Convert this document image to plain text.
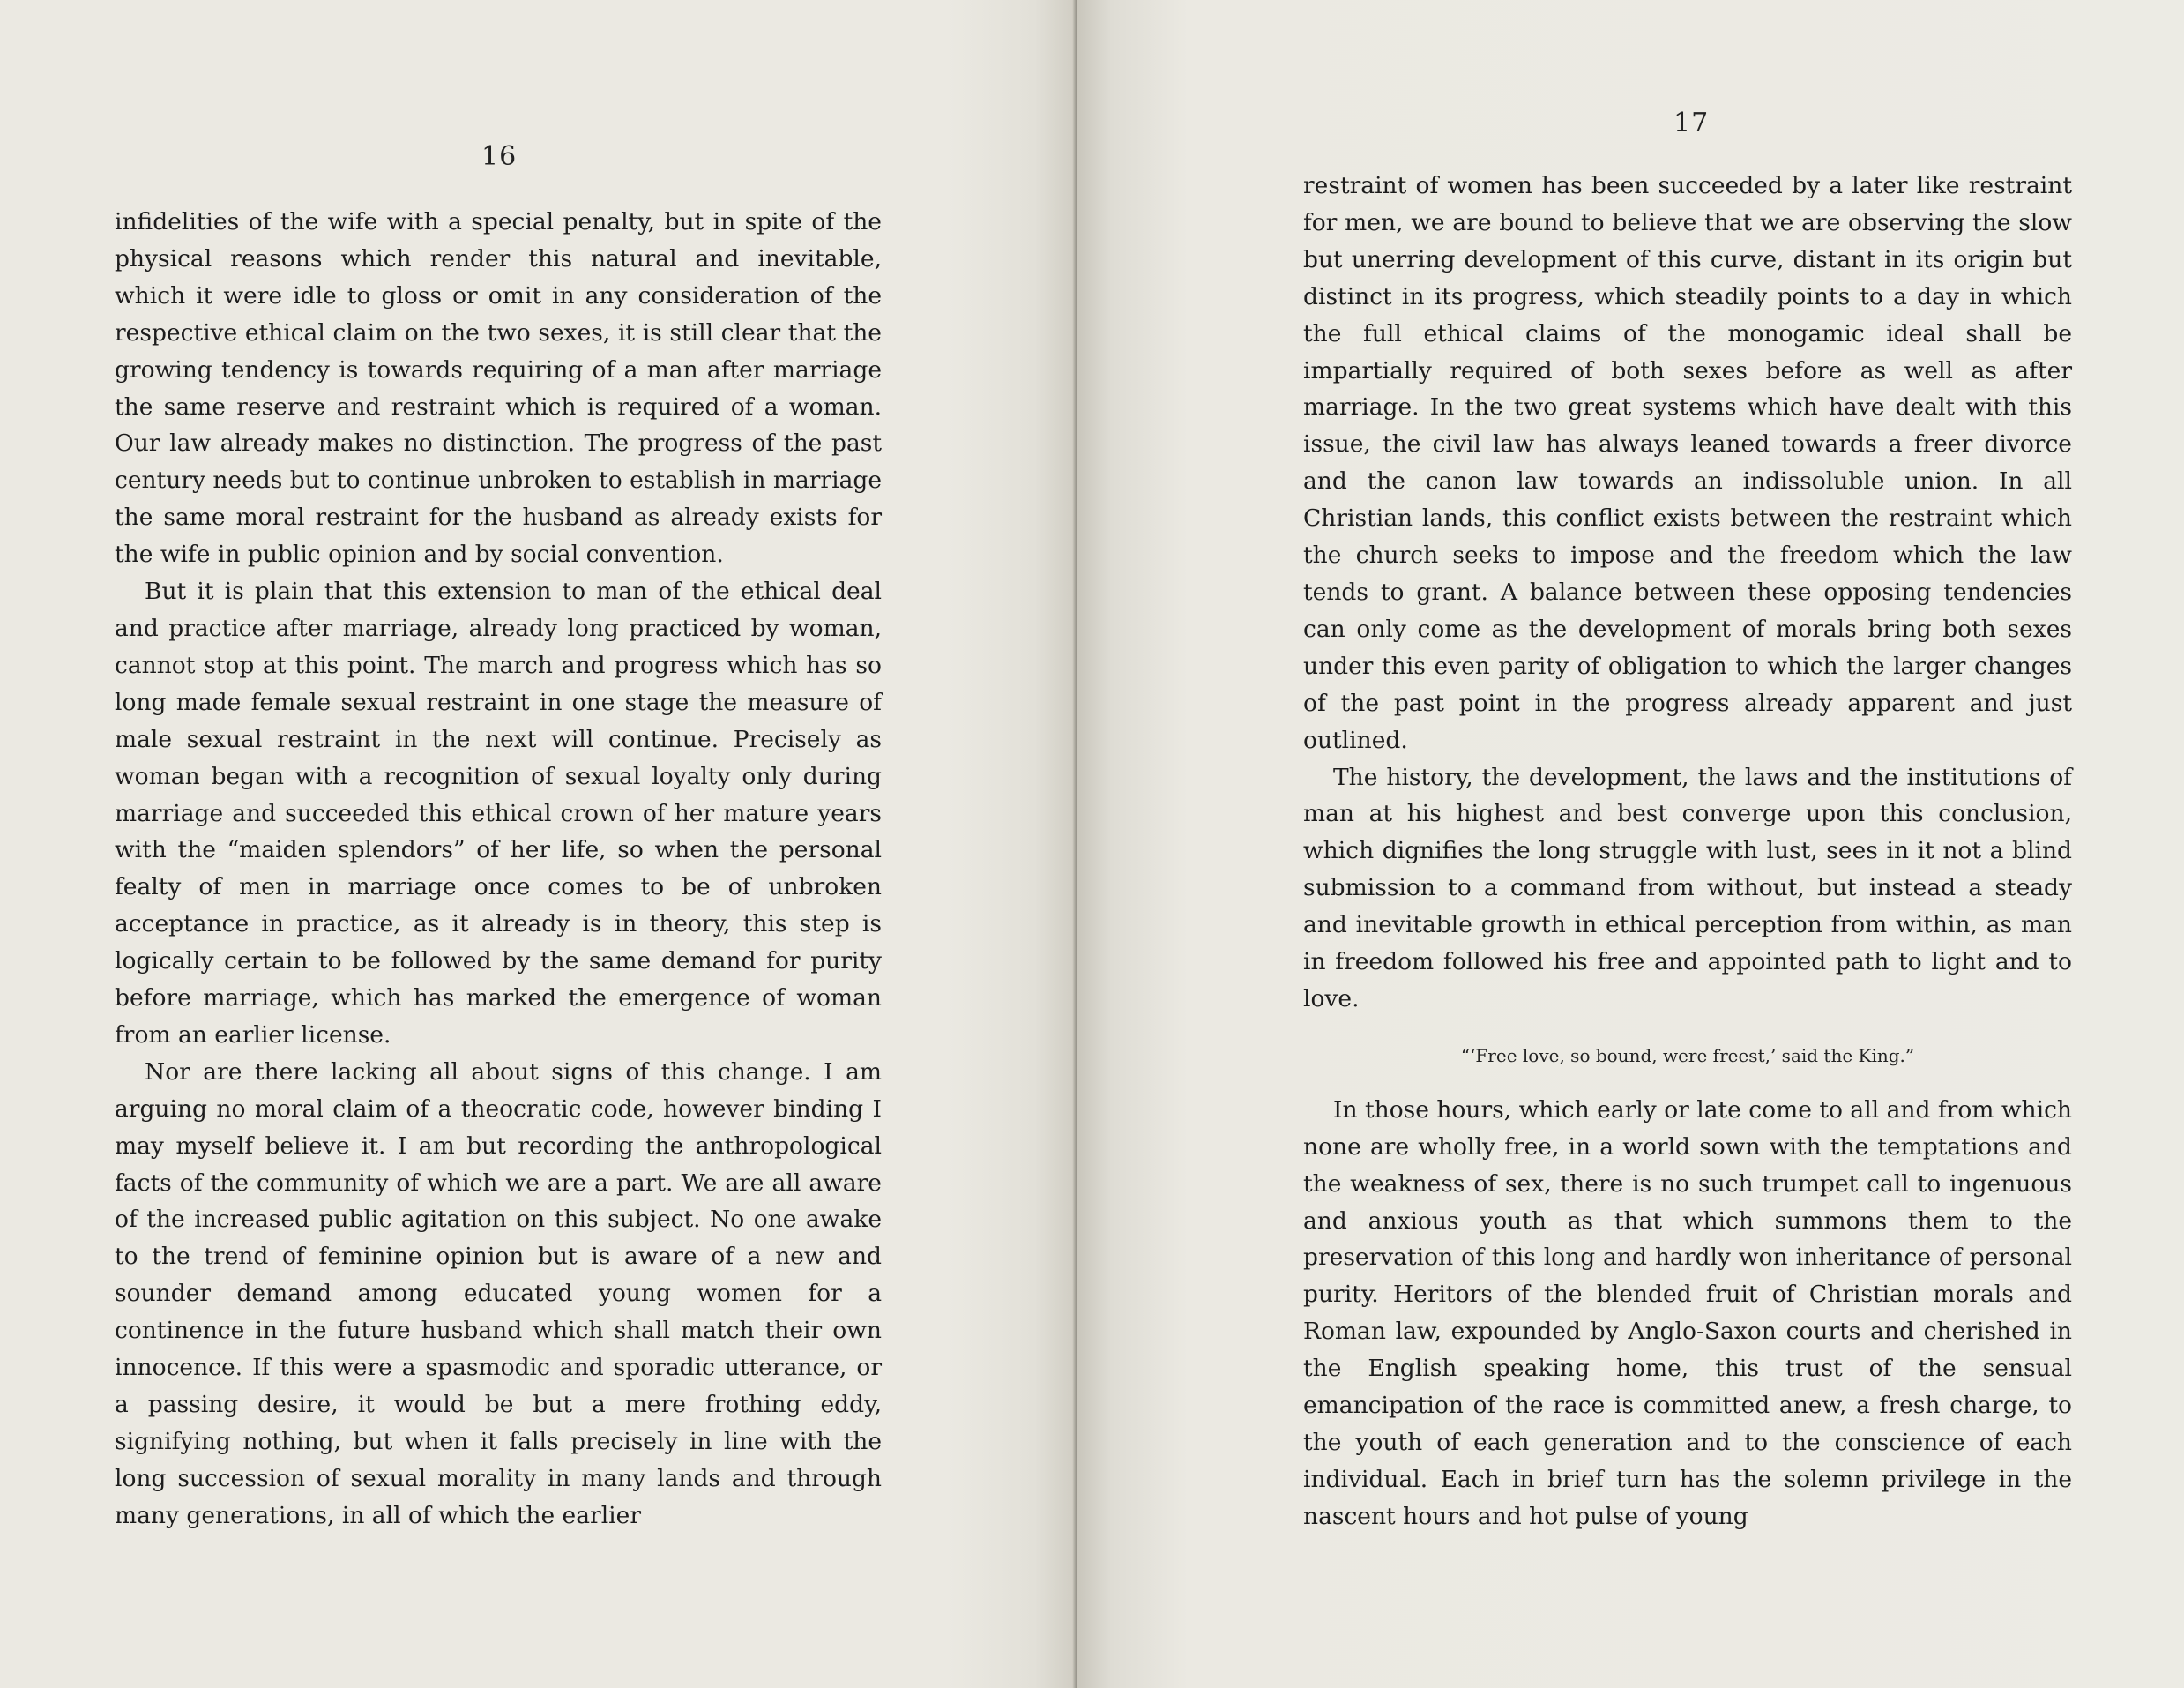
16

infidelities of the wife with a special penalty, but in spite of the physical reasons which render this natural and inevitable, which it were idle to gloss or omit in any consideration of the respective ethical claim on the two sexes, it is still clear that the growing tendency is towards requiring of a man after marriage the same reserve and restraint which is required of a woman. Our law already makes no distinction. The progress of the past century needs but to continue unbroken to establish in marriage the same moral restraint for the husband as already exists for the wife in public opinion and by social convention.

But it is plain that this extension to man of the ethical deal and practice after marriage, already long practiced by woman, cannot stop at this point. The march and progress which has so long made female sexual restraint in one stage the measure of male sexual restraint in the next will continue. Precisely as woman began with a recognition of sexual loyalty only during marriage and succeeded this ethical crown of her mature years with the “maiden splendors” of her life, so when the personal fealty of men in marriage once comes to be of unbroken acceptance in practice, as it already is in theory, this step is logically certain to be followed by the same demand for purity before marriage, which has marked the emergence of woman from an earlier license.

Nor are there lacking all about signs of this change. I am arguing no moral claim of a theocratic code, however binding I may myself believe it. I am but recording the anthropological facts of the community of which we are a part. We are all aware of the increased public agitation on this subject. No one awake to the trend of feminine opinion but is aware of a new and sounder demand among educated young women for a continence in the future husband which shall match their own innocence. If this were a spasmodic and sporadic utterance, or a passing desire, it would be but a mere frothing eddy, signifying nothing, but when it falls precisely in line with the long succession of sexual morality in many lands and through many generations, in all of which the earlier

17

restraint of women has been succeeded by a later like restraint for men, we are bound to believe that we are observing the slow but unerring development of this curve, distant in its origin but distinct in its progress, which steadily points to a day in which the full ethical claims of the monogamic ideal shall be impartially required of both sexes before as well as after marriage. In the two great systems which have dealt with this issue, the civil law has always leaned towards a freer divorce and the canon law towards an indissoluble union. In all Christian lands, this conflict exists between the restraint which the church seeks to impose and the freedom which the law tends to grant. A balance between these opposing tendencies can only come as the development of morals bring both sexes under this even parity of obligation to which the larger changes of the past point in the progress already apparent and just outlined.

The history, the development, the laws and the institutions of man at his highest and best converge upon this conclusion, which dignifies the long struggle with lust, sees in it not a blind submission to a command from without, but instead a steady and inevitable growth in ethical perception from within, as man in freedom followed his free and appointed path to light and to love.

“‘Free love, so bound, were freest,’ said the King.”

In those hours, which early or late come to all and from which none are wholly free, in a world sown with the temptations and the weakness of sex, there is no such trumpet call to ingenuous and anxious youth as that which summons them to the preservation of this long and hardly won inheritance of personal purity. Heritors of the blended fruit of Christian morals and Roman law, expounded by Anglo-Saxon courts and cherished in the English speaking home, this trust of the sensual emancipation of the race is committed anew, a fresh charge, to the youth of each generation and to the conscience of each individual. Each in brief turn has the solemn privilege in the nascent hours and hot pulse of young
